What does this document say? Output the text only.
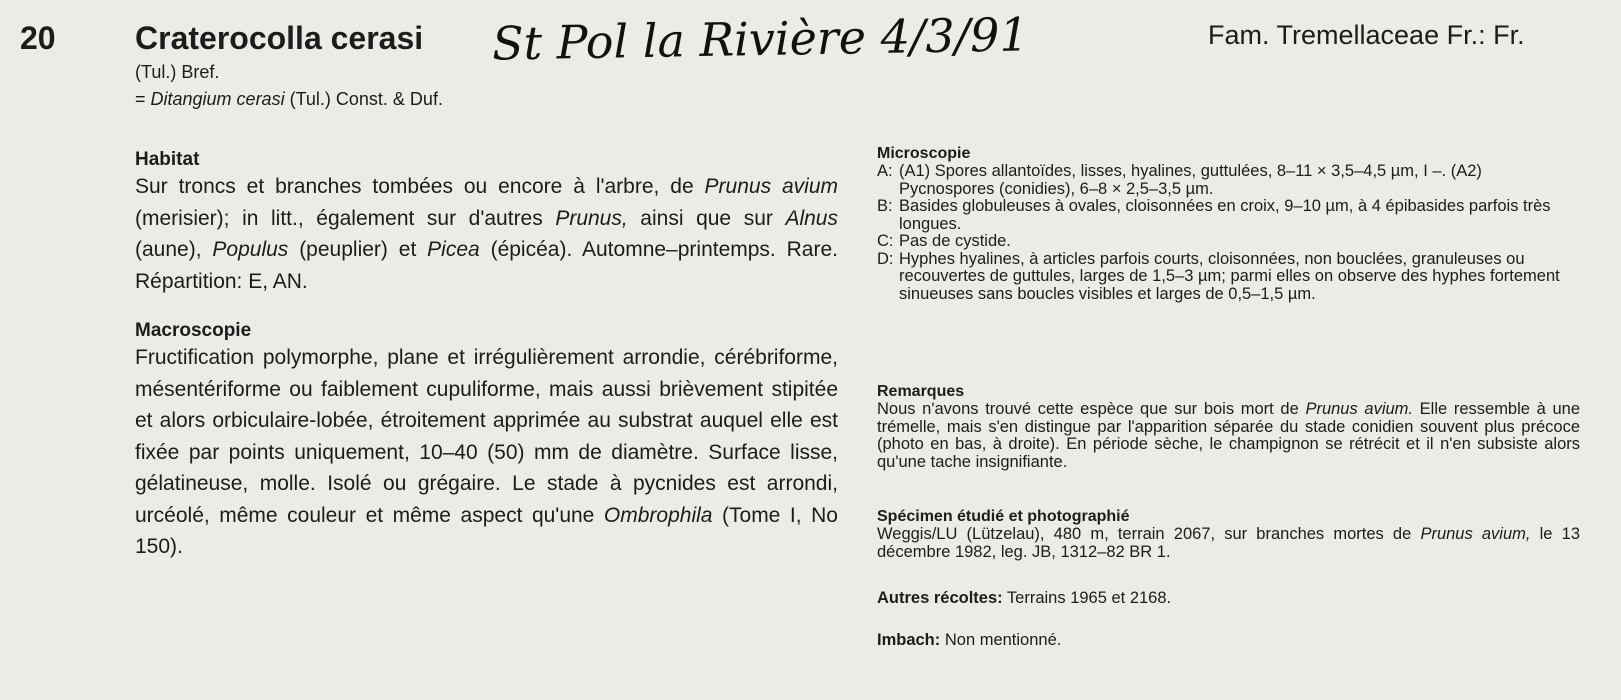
20 Craterocolla cerasi St Pol la Rivière 4/3/91	Fam. Tremellaceae Fr.: Fr.
(Tul.) Bref.
= Ditangium cerasi (Tul.) Const. & Duf.
Habitat

Sur troncs et branches tombées ou encore à l'arbre, de Prunus avium (merisier); in litt., également sur d'autres Prunus, ainsi que sur Alnus (aune), Populus (peuplier) et Picea (épicéa). Automne–printemps. Rare. Répartition: E, AN.

Macroscopie

Fructification polymorphe, plane et irrégulièrement arrondie, cérébriforme, mésentériforme ou faiblement cupuliforme, mais aussi brièvement stipitée et alors orbiculaire-lobée, étroitement apprimée au substrat auquel elle est fixée par points uniquement, 10–40 (50) mm de diamètre. Surface lisse, gélatineuse, molle. Isolé ou grégaire. Le stade à pycnides est arrondi, urcéolé, même couleur et même aspect qu'une Ombrophila (Tome I, No 150).

Microscopie
A: (A1) Spores allantoïdes, lisses, hyalines, guttulées, 8–11 × 3,5–4,5 µm, I –. (A2) Pycnospores (conidies), 6–8 × 2,5–3,5 µm.
B: Basides globuleuses à ovales, cloisonnées en croix, 9–10 µm, à 4 épibasides parfois très longues.
C: Pas de cystide.
D: Hyphes hyalines, à articles parfois courts, cloisonnées, non bouclées, granuleuses ou recouvertes de guttules, larges de 1,5–3 µm; parmi elles on observe des hyphes fortement sinueuses sans boucles visibles et larges de 0,5–1,5 µm.
Remarques

Nous n'avons trouvé cette espèce que sur bois mort de Prunus avium. Elle ressemble à une trémelle, mais s'en distingue par l'apparition séparée du stade conidien souvent plus précoce (photo en bas, à droite). En période sèche, le champignon se rétrécit et il n'en subsiste alors qu'une tache insignifiante.

Spécimen étudié et photographié

Weggis/LU (Lützelau), 480 m, terrain 2067, sur branches mortes de Prunus avium, le 13 décembre 1982, leg. JB, 1312–82 BR 1.

Autres récoltes: Terrains 1965 et 2168.

Imbach: Non mentionné.
